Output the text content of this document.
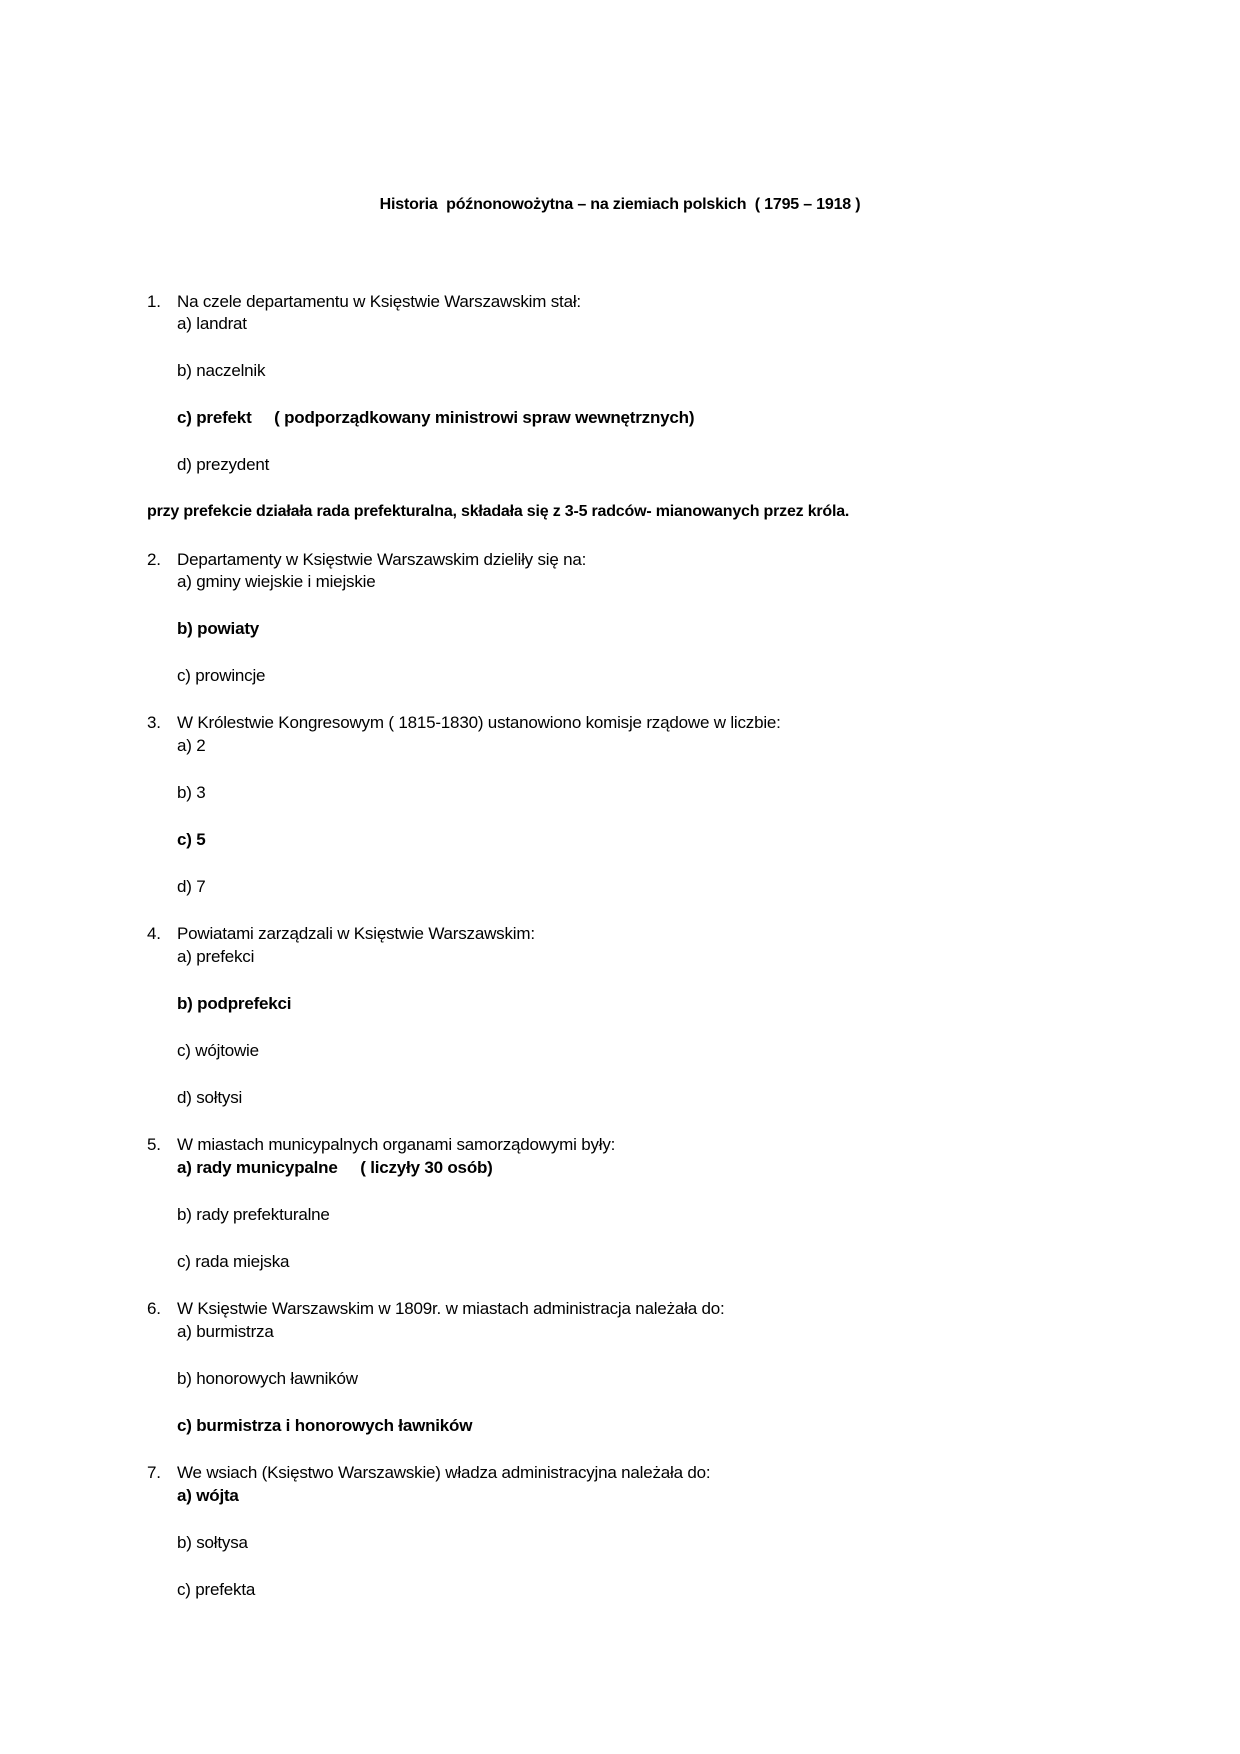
Historia  późnonowożytna – na ziemiach polskich  ( 1795 – 1918 )
1. Na czele departamentu w Księstwie Warszawskim stał:
a) landrat
b) naczelnik
c) prefekt     ( podporządkowany ministrowi spraw wewnętrznych)
d) prezydent
przy prefekcie działała rada prefekturalna, składała się z 3-5 radców- mianowanych przez króla.
2. Departamenty w Księstwie Warszawskim dzieliły się na:
a) gminy wiejskie i miejskie
b) powiaty
c) prowincje
3. W Królestwie Kongresowym ( 1815-1830) ustanowiono komisje rządowe w liczbie:
a) 2
b) 3
c) 5
d) 7
4. Powiatami zarządzali w Księstwie Warszawskim:
a) prefekci
b) podprefekci
c) wójtowie
d) sołtysi
5. W miastach municypalnych organami samorządowymi były:
a) rady municypalne     ( liczyły 30 osób)
b) rady prefekturalne
c) rada miejska
6. W Księstwie Warszawskim w 1809r. w miastach administracja należała do:
a) burmistrza
b) honorowych ławników
c) burmistrza i honorowych ławników
7. We wsiach (Księstwo Warszawskie) władza administracyjna należała do:
a) wójta
b) sołtysa
c) prefekta
